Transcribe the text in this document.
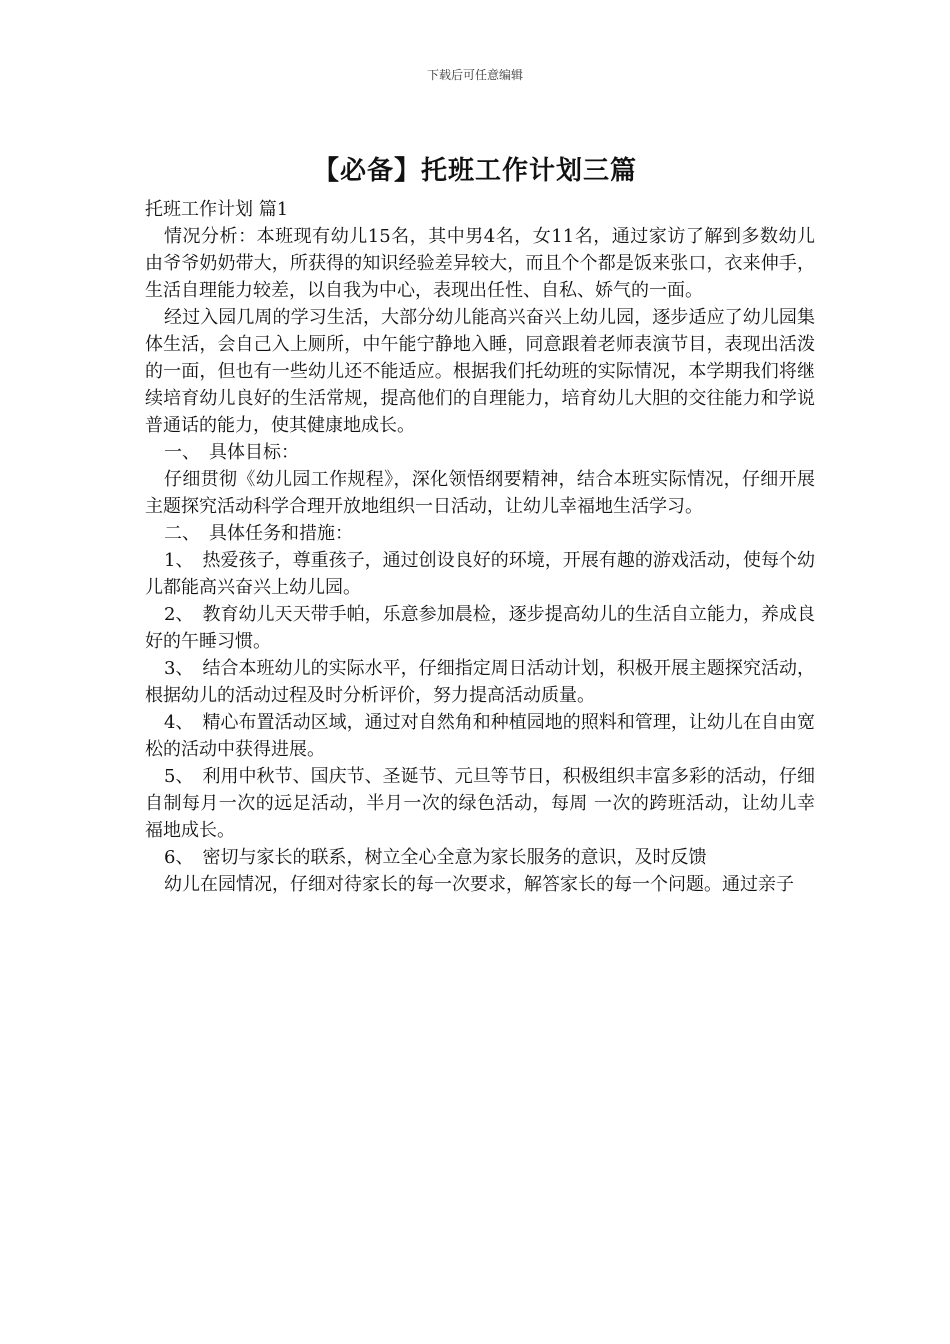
下载后可任意编辑
【必备】托班工作计划三篇

托班工作计划 篇1

情况分析：本班现有幼儿15名，其中男4名，女11名，通过家访了解到多数幼儿由爷爷奶奶带大，所获得的知识经验差异较大，而且个个都是饭来张口，衣来伸手，生活自理能力较差，以自我为中心，表现出任性、自私、娇气的一面。

经过入园几周的学习生活，大部分幼儿能高兴奋兴上幼儿园，逐步适应了幼儿园集体生活，会自己入上厕所，中午能宁静地入睡，同意跟着老师表演节目，表现出活泼的一面，但也有一些幼儿还不能适应。根据我们托幼班的实际情况，本学期我们将继续培育幼儿良好的生活常规，提高他们的自理能力，培育幼儿大胆的交往能力和学说普通话的能力，使其健康地成长。

一、　具体目标：

仔细贯彻《幼儿园工作规程》，深化领悟纲要精神，结合本班实际情况，仔细开展主题探究活动科学合理开放地组织一日活动，让幼儿幸福地生活学习。

二、　具体任务和措施：

1、　热爱孩子，尊重孩子，通过创设良好的环境，开展有趣的游戏活动，使每个幼儿都能高兴奋兴上幼儿园。

2、　教育幼儿天天带手帕，乐意参加晨检，逐步提高幼儿的生活自立能力，养成良好的午睡习惯。

3、　结合本班幼儿的实际水平，仔细指定周日活动计划，积极开展主题探究活动，根据幼儿的活动过程及时分析评价，努力提高活动质量。

4、　精心布置活动区域，通过对自然角和种植园地的照料和管理，让幼儿在自由宽松的活动中获得进展。

5、　利用中秋节、国庆节、圣诞节、元旦等节日，积极组织丰富多彩的活动，仔细自制每月一次的远足活动，半月一次的绿色活动，每周 一次的跨班活动，让幼儿幸福地成长。

6、　密切与家长的联系，树立全心全意为家长服务的意识，及时反馈

幼儿在园情况，仔细对待家长的每一次要求，解答家长的每一个问题。通过亲子
